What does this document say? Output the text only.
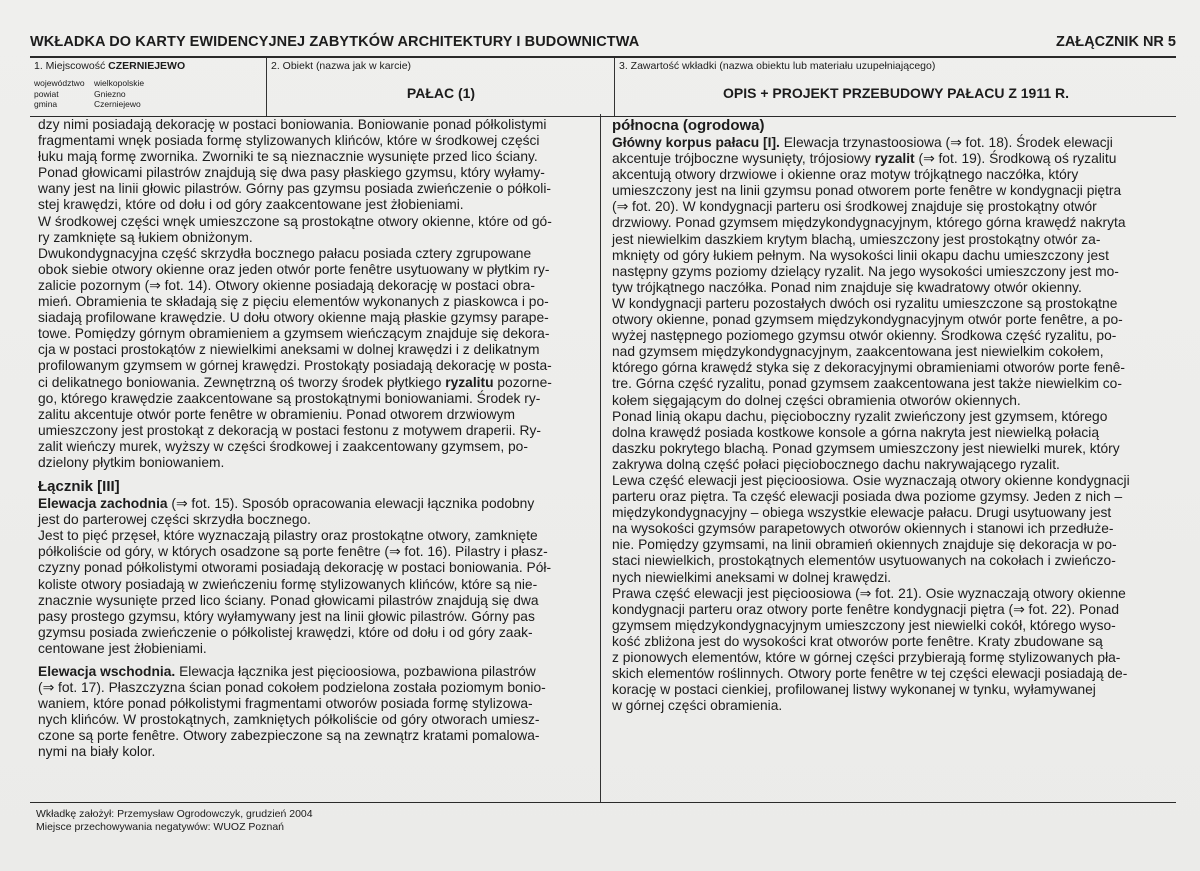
WKŁADKA DO KARTY EWIDENCYJNEJ ZABYTKÓW ARCHITEKTURY I BUDOWNICTWA	ZAŁĄCZNIK NR 5
1. Miejscowość CZERNIEJEWO
województwo	wielkopolskie
powiat	Gniezno
gmina	Czerniejewo
2. Obiekt (nazwa jak w karcie)
PAŁAC (1)
3. Zawartość wkładki (nazwa obiektu lub materiału uzupełniającego)
OPIS + PROJEKT PRZEBUDOWY PAŁACU Z 1911 R.

dzy nimi posiadają dekorację w postaci boniowania. Boniowanie ponad półkolistymi
fragmentami wnęk posiada formę stylizowanych klińców, które w środkowej części
łuku mają formę zwornika. Zworniki te są nieznacznie wysunięte przed lico ściany.
Ponad głowicami pilastrów znajdują się dwa pasy płaskiego gzymsu, który wyłamy-
wany jest na linii głowic pilastrów. Górny pas gzymsu posiada zwieńczenie o półkoli-
stej krawędzi, które od dołu i od góry zaakcentowane jest żłobieniami.

W środkowej części wnęk umieszczone są prostokątne otwory okienne, które od gó-
ry zamknięte są łukiem obniżonym.

Dwukondygnacyjna część skrzydła bocznego pałacu posiada cztery zgrupowane
obok siebie otwory okienne oraz jeden otwór porte fenêtre usytuowany w płytkim ry-
zalicie pozornym (⇒ fot. 14). Otwory okienne posiadają dekorację w postaci obra-
mień. Obramienia te składają się z pięciu elementów wykonanych z piaskowca i po-
siadają profilowane krawędzie. U dołu otwory okienne mają płaskie gzymsy parape-
towe. Pomiędzy górnym obramieniem a gzymsem wieńczącym znajduje się dekora-
cja w postaci prostokątów z niewielkimi aneksami w dolnej krawędzi i z delikatnym
profilowanym gzymsem w górnej krawędzi. Prostokąty posiadają dekorację w posta-
ci delikatnego boniowania. Zewnętrzną oś tworzy środek płytkiego ryzalitu pozorne-
go, którego krawędzie zaakcentowane są prostokątnymi boniowaniami. Środek ry-
zalitu akcentuje otwór porte fenêtre w obramieniu. Ponad otworem drzwiowym
umieszczony jest prostokąt z dekoracją w postaci festonu z motywem draperii. Ry-
zalit wieńczy murek, wyższy w części środkowej i zaakcentowany gzymsem, po-
dzielony płytkim boniowaniem.

Łącznik [III]

Elewacja zachodnia (⇒ fot. 15). Sposób opracowania elewacji łącznika podobny
jest do parterowej części skrzydła bocznego.

Jest to pięć przęseł, które wyznaczają pilastry oraz prostokątne otwory, zamknięte
półkoliście od góry, w których osadzone są porte fenêtre (⇒ fot. 16). Pilastry i płasz-
czyzny ponad półkolistymi otworami posiadają dekorację w postaci boniowania. Pół-
koliste otwory posiadają w zwieńczeniu formę stylizowanych klińców, które są nie-
znacznie wysunięte przed lico ściany. Ponad głowicami pilastrów znajdują się dwa
pasy prostego gzymsu, który wyłamywany jest na linii głowic pilastrów. Górny pas
gzymsu posiada zwieńczenie o półkolistej krawędzi, które od dołu i od góry zaak-
centowane jest żłobieniami.

Elewacja wschodnia. Elewacja łącznika jest pięcioosiowa, pozbawiona pilastrów
(⇒ fot. 17). Płaszczyzna ścian ponad cokołem podzielona została poziomym bonio-
waniem, które ponad półkolistymi fragmentami otworów posiada formę stylizowa-
nych klińców. W prostokątnych, zamkniętych półkoliście od góry otworach umiesz-
czone są porte fenêtre. Otwory zabezpieczone są na zewnątrz kratami pomalowa-
nymi na biały kolor.

północna (ogrodowa)

Główny korpus pałacu [I]. Elewacja trzynastoosiowa (⇒ fot. 18). Środek elewacji
akcentuje trójboczne wysunięty, trójosiowy ryzalit (⇒ fot. 19). Środkową oś ryzalitu
akcentują otwory drzwiowe i okienne oraz motyw trójkątnego naczółka, który
umieszczony jest na linii gzymsu ponad otworem porte fenêtre w kondygnacji piętra
(⇒ fot. 20). W kondygnacji parteru osi środkowej znajduje się prostokątny otwór
drzwiowy. Ponad gzymsem międzykondygnacyjnym, którego górna krawędź nakryta
jest niewielkim daszkiem krytym blachą, umieszczony jest prostokątny otwór za-
mknięty od góry łukiem pełnym. Na wysokości linii okapu dachu umieszczony jest
następny gzyms poziomy dzielący ryzalit. Na jego wysokości umieszczony jest mo-
tyw trójkątnego naczółka. Ponad nim znajduje się kwadratowy otwór okienny.

W kondygnacji parteru pozostałych dwóch osi ryzalitu umieszczone są prostokątne
otwory okienne, ponad gzymsem międzykondygnacyjnym otwór porte fenêtre, a po-
wyżej następnego poziomego gzymsu otwór okienny. Środkowa część ryzalitu, po-
nad gzymsem międzykondygnacyjnym, zaakcentowana jest niewielkim cokołem,
którego górna krawędź styka się z dekoracyjnymi obramieniami otworów porte fenê-
tre. Górna część ryzalitu, ponad gzymsem zaakcentowana jest także niewielkim co-
kołem sięgającym do dolnej części obramienia otworów okiennych.

Ponad linią okapu dachu, pięcioboczny ryzalit zwieńczony jest gzymsem, którego
dolna krawędź posiada kostkowe konsole a górna nakryta jest niewielką połacią
daszku pokrytego blachą. Ponad gzymsem umieszczony jest niewielki murek, który
zakrywa dolną część połaci pięciobocznego dachu nakrywającego ryzalit.

Lewa część elewacji jest pięcioosiowa. Osie wyznaczają otwory okienne kondygnacji
parteru oraz piętra. Ta część elewacji posiada dwa poziome gzymsy. Jeden z nich –
międzykondygnacyjny – obiega wszystkie elewacje pałacu. Drugi usytuowany jest
na wysokości gzymsów parapetowych otworów okiennych i stanowi ich przedłuże-
nie. Pomiędzy gzymsami, na linii obramień okiennych znajduje się dekoracja w po-
staci niewielkich, prostokątnych elementów usytuowanych na cokołach i zwieńczo-
nych niewielkimi aneksami w dolnej krawędzi.

Prawa część elewacji jest pięcioosiowa (⇒ fot. 21). Osie wyznaczają otwory okienne
kondygnacji parteru oraz otwory porte fenêtre kondygnacji piętra (⇒ fot. 22). Ponad
gzymsem międzykondygnacyjnym umieszczony jest niewielki cokół, którego wyso-
kość zbliżona jest do wysokości krat otworów porte fenêtre. Kraty zbudowane są
z pionowych elementów, które w górnej części przybierają formę stylizowanych pła-
skich elementów roślinnych. Otwory porte fenêtre w tej części elewacji posiadają de-
korację w postaci cienkiej, profilowanej listwy wykonanej w tynku, wyłamywanej
w górnej części obramienia.

Wkładkę założył: Przemysław Ogrodowczyk, grudzień 2004
Miejsce przechowywania negatywów: WUOZ Poznań
